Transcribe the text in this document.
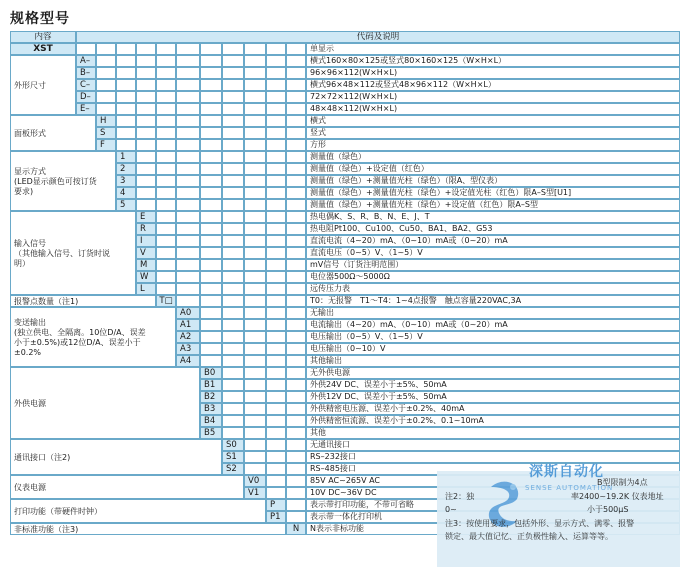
规格型号
内容	代码及说明
XST	单显示
外形尺寸
A–	横式160×80×125或竖式80×160×125（W×H×L）
B–	96×96×112(W×H×L)
C–	横式96×48×112或竖式48×96×112（W×H×L）
D–	72×72×112(W×H×L)
E–	48×48×112(W×H×L)
面板形式
H	横式
S	竖式
F	方形
显示方式
(LED显示颜色可按订货
要求)
1	测量值（绿色）
2	测量值（绿色）+设定值（红色）
3	测量值（绿色）+测量值光柱（绿色）（限A、型仪表）
4	测量值（绿色）+测量值光柱（绿色）+设定值光柱（红色）限A–S型[U1]
5	测量值（绿色）+测量值光柱（绿色）+设定值（红色）限A–S型
输入信号
（其他输入信号、订货时说
明）
E	热电偶K、S、R、B、N、E、J、T
R	热电阻Pt100、Cu100、Cu50、BA1、BA2、G53
I	直流电流（4~20）mA、（0~10）mA或（0~20）mA
V	直流电压（0~5）V、（1~5）V
M	mV信号（订货注明范围）
W	电位器500Ω～5000Ω
L	远传压力表
报警点数量（注1)	T□	T0：无报警　T1～T4：1~4点报警　触点容量220VAC,3A
变送输出
(独立供电、全隔离。10位D/A、误差
小于±0.5%)或12位D/A、误差小于
±0.2%
A0	无输出
A1	电流输出（4~20）mA、（0~10）mA或（0~20）mA
A2	电压输出（0~5）V、（1~5）V
A3	电压输出（0~10）V
A4	其他输出
外供电源
B0	无外供电源
B1	外供24V DC、误差小于±5%、50mA
B2	外供12V DC、误差小于±5%、50mA
B3	外供精密电压源、误差小于±0.2%、40mA
B4	外供精密恒流源、误差小于±0.2%、0.1~10mA
B5	其他
通讯接口（注2)
S0	无通讯接口
S1	RS–232接口
S2	RS–485接口
仪表电源
V0	85V AC~265V AC
V1	10V DC~36V DC
打印功能（带硬件时钟）
P	表示带打印功能，不带可省略
P1	表示带一体化打印机
非标准功能（注3)	N	N表示非标功能
深斯自动化
SENSE AUTOMATION
B型限制为4点
注2：独	率2400~19.2K 仪表地址
0~	小于500μS
注3：按使用要求，包括外形、显示方式、满零、报警
锁定、最大值记忆、正负极性输入、运算等等。
